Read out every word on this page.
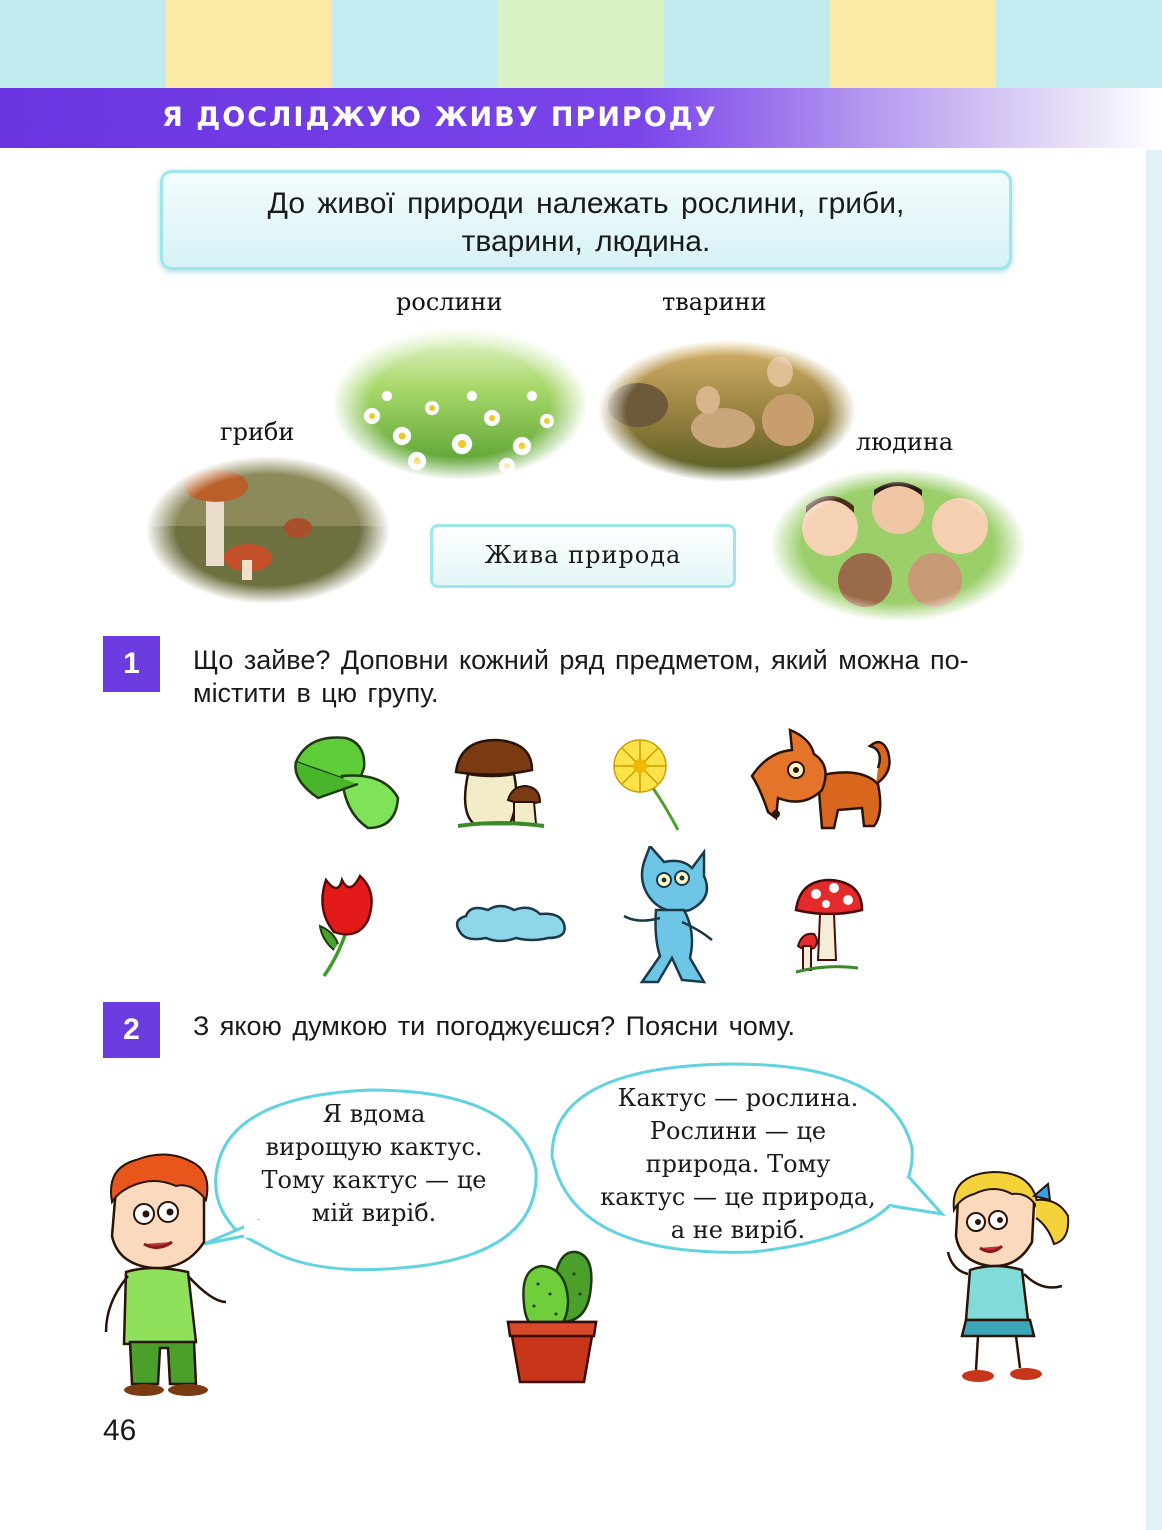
Я ДОСЛІДЖУЮ ЖИВУ ПРИРОДУ
До живої природи належать рослини, гриби,
тварини, людина.
рослини	тварини
гриби	людина
Жива природа
1	Що зайве? Доповни кожний ряд предметом, який можна по-
містити в цю групу.
2	З якою думкою ти погоджуєшся? Поясни чому.
Я вдома
вирощую кактус.
Тому кактус — це
мій виріб.
Кактус — рослина.
Рослини — це
природа. Тому
кактус — це природа,
а не виріб.
46
